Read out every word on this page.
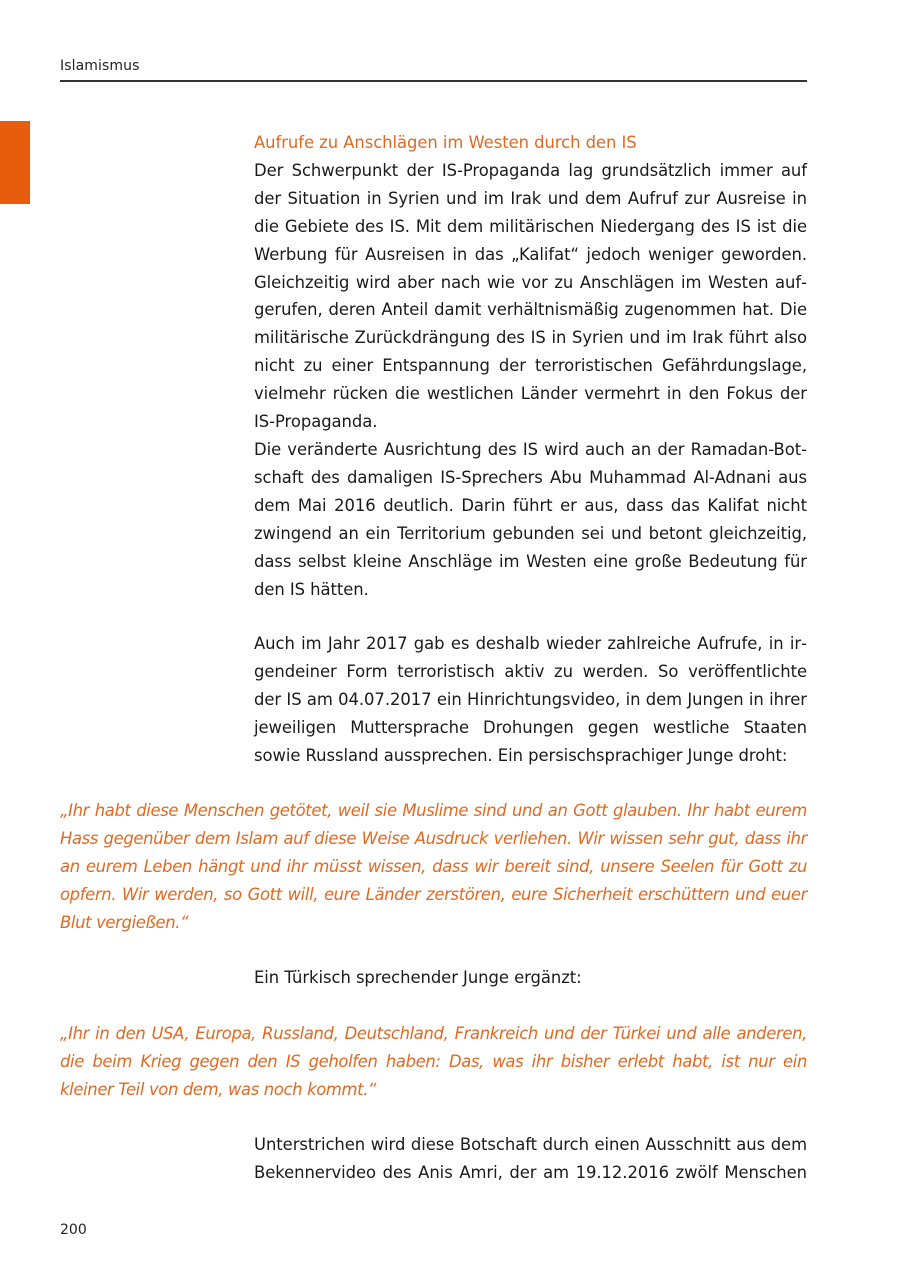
Islamismus

Aufrufe zu Anschlägen im Westen durch den IS

Der Schwerpunkt der IS-Propaganda lag grundsätzlich immer auf der Situation in Syrien und im Irak und dem Aufruf zur Ausreise in die Gebiete des IS. Mit dem militärischen Niedergang des IS ist die Werbung für Ausreisen in das „Kalifat“ jedoch weniger geworden. Gleichzeitig wird aber nach wie vor zu Anschlägen im Westen aufgerufen, deren Anteil damit verhältnismäßig zugenommen hat. Die militärische Zurückdrängung des IS in Syrien und im Irak führt also nicht zu einer Entspannung der terroristischen Gefährdungslage, vielmehr rücken die westlichen Länder vermehrt in den Fokus der IS-Propaganda.

Die veränderte Ausrichtung des IS wird auch an der Ramadan-Botschaft des damaligen IS-Sprechers Abu Muhammad Al-Adnani aus dem Mai 2016 deutlich. Darin führt er aus, dass das Kalifat nicht zwingend an ein Territorium gebunden sei und betont gleichzeitig, dass selbst kleine Anschläge im Westen eine große Bedeutung für den IS hätten.

Auch im Jahr 2017 gab es deshalb wieder zahlreiche Aufrufe, in irgendeiner Form terroristisch aktiv zu werden. So veröffentlichte der IS am 04.07.2017 ein Hinrichtungsvideo, in dem Jungen in ihrer jeweiligen Muttersprache Drohungen gegen westliche Staaten sowie Russland aussprechen. Ein persischsprachiger Junge droht:

„Ihr habt diese Menschen getötet, weil sie Muslime sind und an Gott glauben. Ihr habt eurem Hass gegenüber dem Islam auf diese Weise Ausdruck verliehen. Wir wissen sehr gut, dass ihr an eurem Leben hängt und ihr müsst wissen, dass wir bereit sind, unsere Seelen für Gott zu opfern. Wir werden, so Gott will, eure Länder zerstören, eure Sicherheit erschüttern und euer Blut vergießen.“

Ein Türkisch sprechender Junge ergänzt:

„Ihr in den USA, Europa, Russland, Deutschland, Frankreich und der Türkei und alle anderen, die beim Krieg gegen den IS geholfen haben: Das, was ihr bisher erlebt habt, ist nur ein kleiner Teil von dem, was noch kommt.“

Unterstrichen wird diese Botschaft durch einen Ausschnitt aus dem Bekennervideo des Anis Amri, der am 19.12.2016 zwölf Menschen

200
